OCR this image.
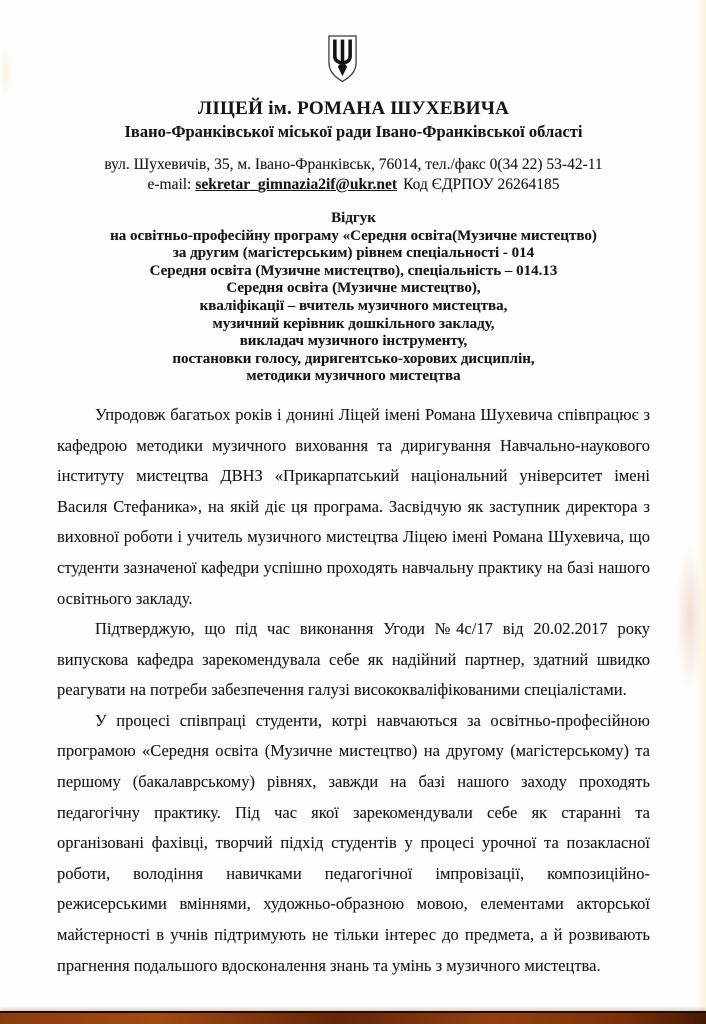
ЛІЦЕЙ ім. РОМАНА ШУХЕВИЧА
Івано-Франківської міської ради Івано-Франківської області
вул. Шухевичів, 35, м. Івано-Франківськ, 76014, тел./факс 0(34 22) 53-42-11
e-mail: sekretar_gimnazia2if@ukr.net Код ЄДРПОУ 26264185
Відгук
на освітньо-професійну програму «Середня освіта(Музичне мистецтво)
за другим (магістерським) рівнем спеціальності - 014
Середня освіта (Музичне мистецтво), спеціальність – 014.13
Середня освіта (Музичне мистецтво),
кваліфікації – вчитель музичного мистецтва,
музичний керівник дошкільного закладу,
викладач музичного інструменту,
постановки голосу, диригентсько-хорових дисциплін,
методики музичного мистецтва

Упродовж багатьох років і донині Ліцей імені Романа Шухевича співпрацює з кафедрою методики музичного виховання та диригування Навчально-наукового інституту мистецтва ДВНЗ «Прикарпатський національний університет імені Василя Стефаника», на якій діє ця програма. Засвідчую як заступник директора з виховної роботи і учитель музичного мистецтва Ліцею імені Романа Шухевича, що студенти зазначеної кафедри успішно проходять навчальну практику на базі нашого освітнього закладу.

Підтверджую, що під час виконання Угоди №4с/17 від 20.02.2017 року випускова кафедра зарекомендувала себе як надійний партнер, здатний швидко реагувати на потреби забезпечення галузі висококваліфікованими спеціалістами.

У процесі співпраці студенти, котрі навчаються за освітньо-професійною програмою «Середня освіта (Музичне мистецтво) на другому (магістерському) та першому (бакалаврському) рівнях, завжди на базі нашого заходу проходять педагогічну практику. Під час якої зарекомендували себе як старанні та організовані фахівці, творчий підхід студентів у процесі урочної та позакласної роботи, володіння навичками педагогічної імпровізації, композиційно-режисерськими вміннями, художньо-образною мовою, елементами акторської майстерності в учнів підтримують не тільки інтерес до предмета, а й розвивають прагнення подальшого вдосконалення знань та умінь з музичного мистецтва.
